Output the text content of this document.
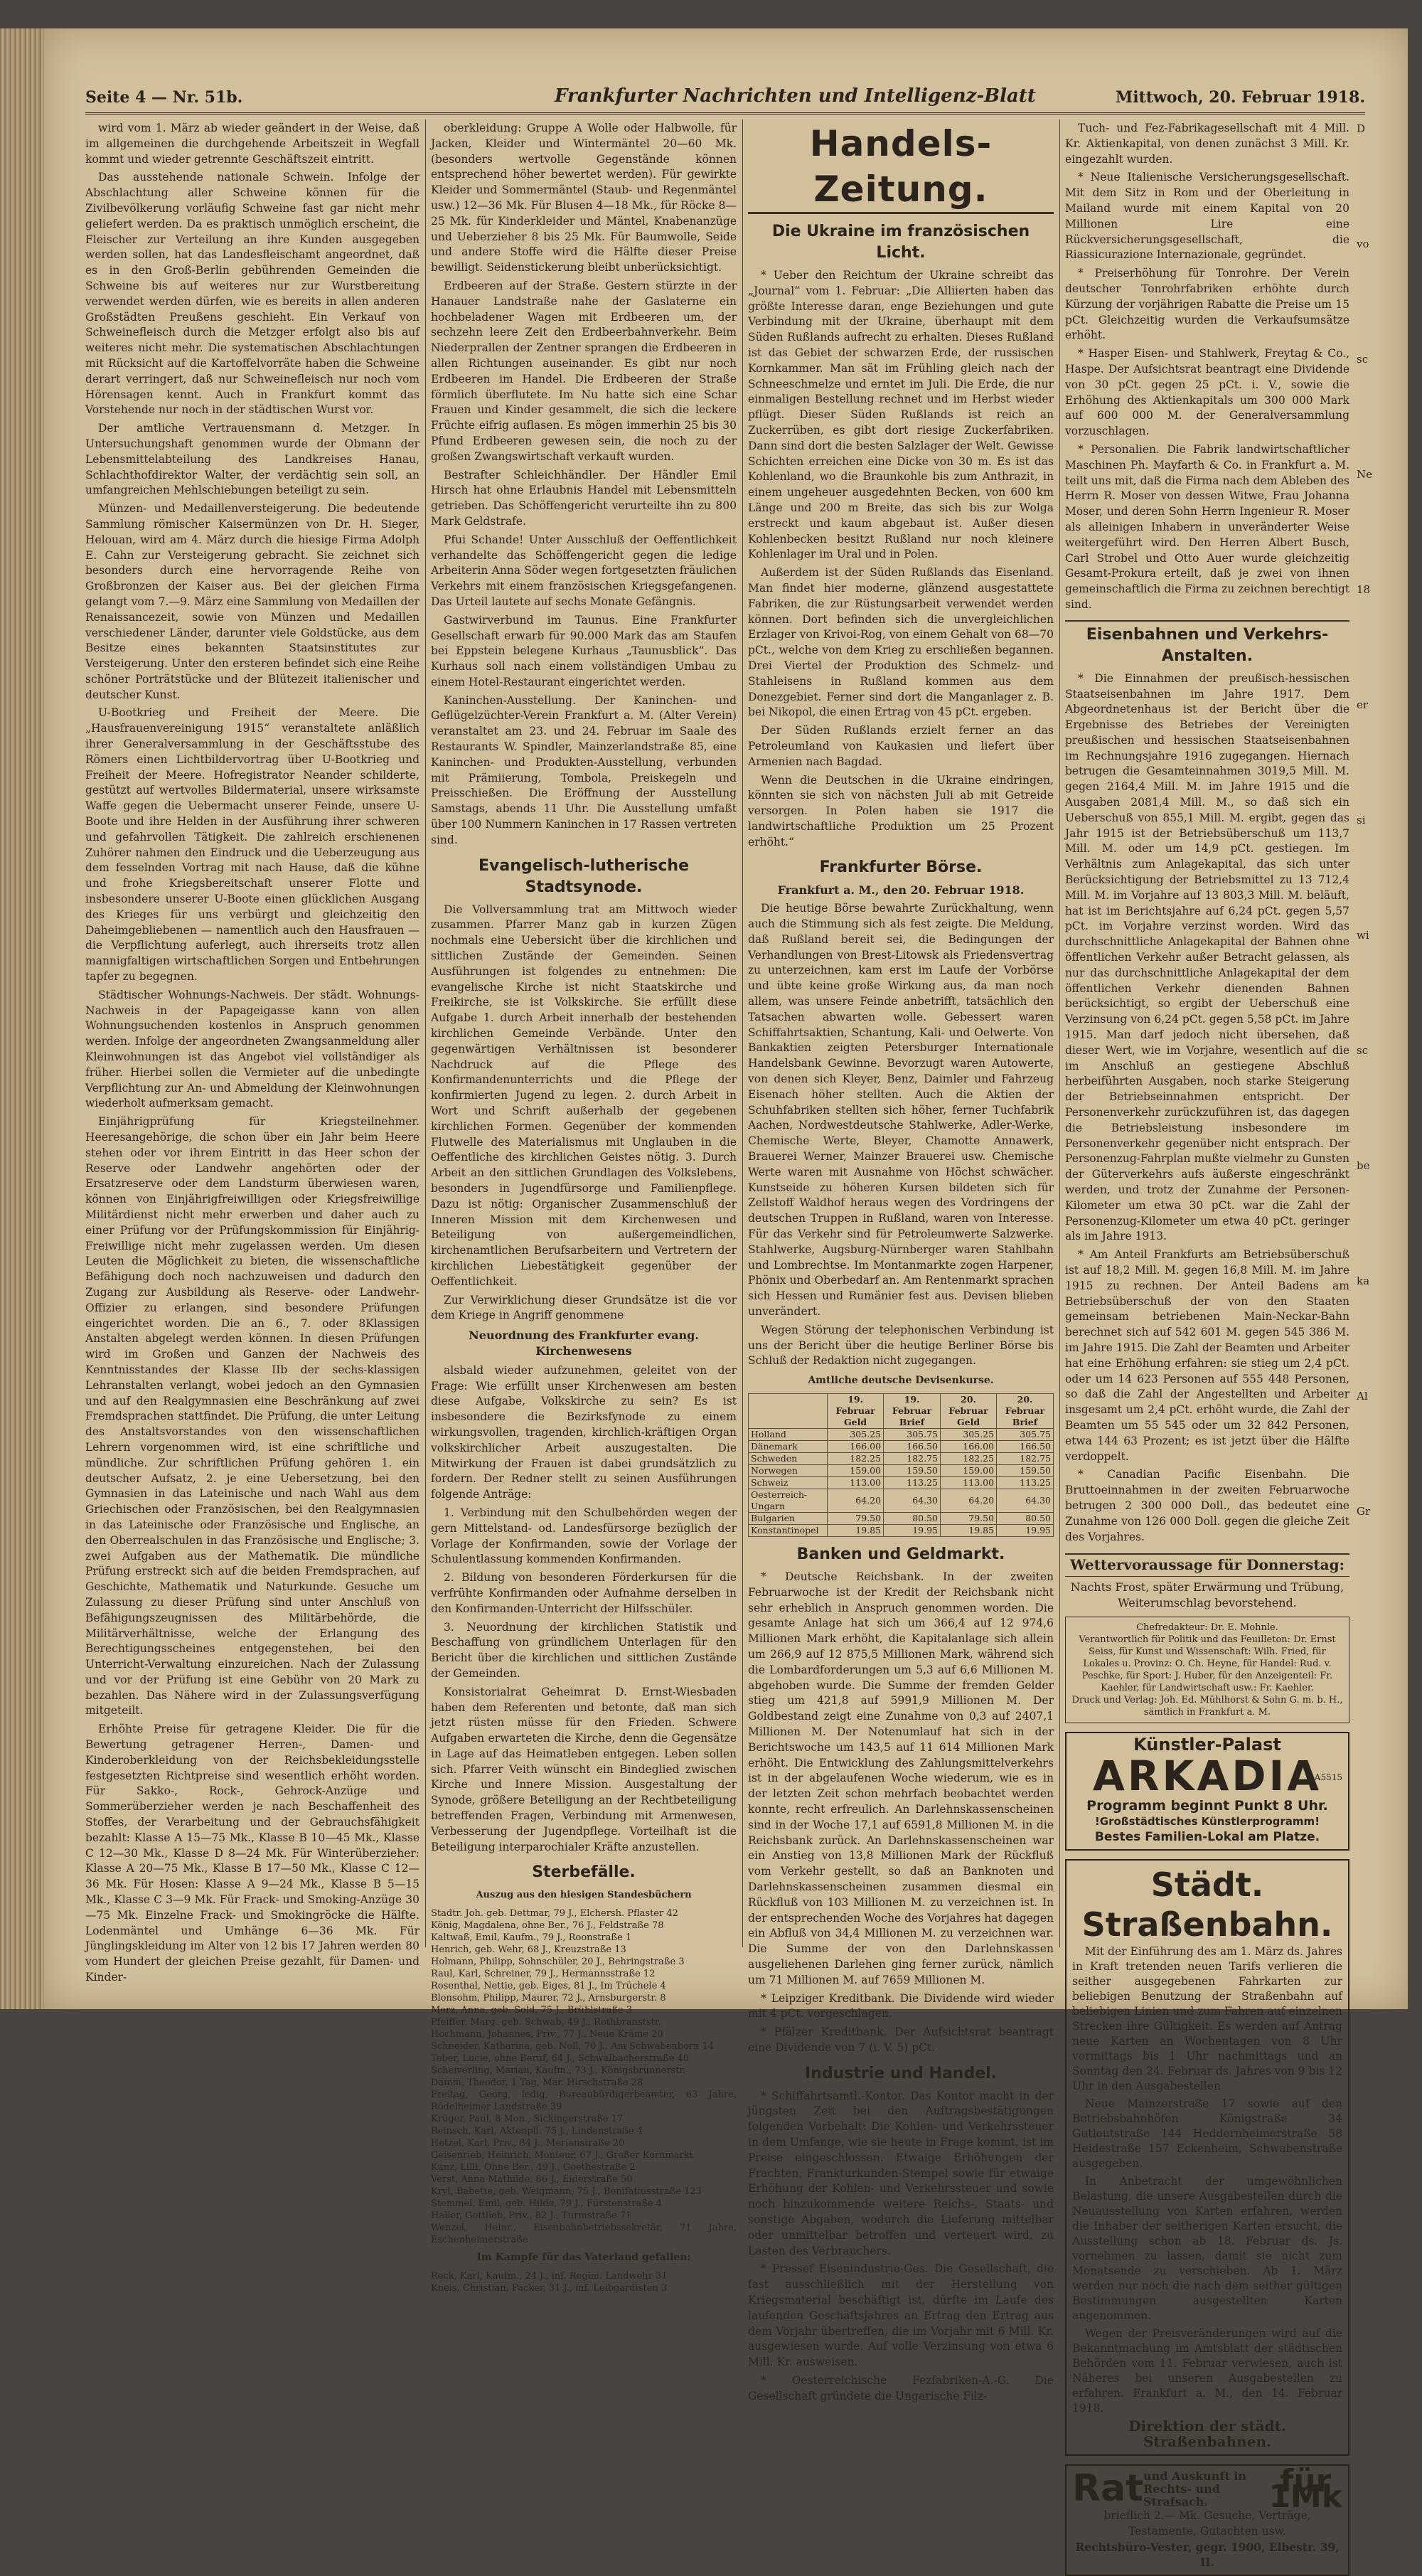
Seite 4 — Nr. 51b.	Frankfurter Nachrichten und Intelligenz-Blatt	Mittwoch, 20. Februar 1918.

wird vom 1. März ab wieder geändert in der Weise, daß im allgemeinen die durchgehende Arbeitszeit in Wegfall kommt und wieder getrennte Geschäftszeit eintritt.

Das ausstehende nationale Schwein. Infolge der Abschlachtung aller Schweine können für die Zivilbevölkerung vorläufig Schweine fast gar nicht mehr geliefert werden. Da es praktisch unmöglich erscheint, die Fleischer zur Verteilung an ihre Kunden ausgegeben werden sollen, hat das Landesfleischamt angeordnet, daß es in den Groß-Berlin gebührenden Gemeinden die Schweine bis auf weiteres nur zur Wurstbereitung verwendet werden dürfen, wie es bereits in allen anderen Großstädten Preußens geschieht. Ein Verkauf von Schweinefleisch durch die Metzger erfolgt also bis auf weiteres nicht mehr. Die systematischen Abschlachtungen mit Rücksicht auf die Kartoffelvorräte haben die Schweine derart verringert, daß nur Schweinefleisch nur noch vom Hörensagen kennt. Auch in Frankfurt kommt das Vorstehende nur noch in der städtischen Wurst vor.

Der amtliche Vertrauensmann d. Metzger. In Untersuchungshaft genommen wurde der Obmann der Lebensmittelabteilung des Landkreises Hanau, Schlachthofdirektor Walter, der verdächtig sein soll, an umfangreichen Mehlschiebungen beteiligt zu sein.

Münzen- und Medaillenversteigerung. Die bedeutende Sammlung römischer Kaisermünzen von Dr. H. Sieger, Helouan, wird am 4. März durch die hiesige Firma Adolph E. Cahn zur Versteigerung gebracht. Sie zeichnet sich besonders durch eine hervorragende Reihe von Großbronzen der Kaiser aus. Bei der gleichen Firma gelangt vom 7.—9. März eine Sammlung von Medaillen der Renaissancezeit, sowie von Münzen und Medaillen verschiedener Länder, darunter viele Goldstücke, aus dem Besitze eines bekannten Staatsinstitutes zur Versteigerung. Unter den ersteren befindet sich eine Reihe schöner Porträtstücke und der Blütezeit italienischer und deutscher Kunst.

U-Bootkrieg und Freiheit der Meere. Die „Hausfrauenvereinigung 1915“ veranstaltete anläßlich ihrer Generalversammlung in der Geschäftsstube des Römers einen Lichtbildervortrag über U-Bootkrieg und Freiheit der Meere. Hofregistrator Neander schilderte, gestützt auf wertvolles Bildermaterial, unsere wirksamste Waffe gegen die Uebermacht unserer Feinde, unsere U-Boote und ihre Helden in der Ausführung ihrer schweren und gefahrvollen Tätigkeit. Die zahlreich erschienenen Zuhörer nahmen den Eindruck und die Ueberzeugung aus dem fesselnden Vortrag mit nach Hause, daß die kühne und frohe Kriegsbereitschaft unserer Flotte und insbesondere unserer U-Boote einen glücklichen Ausgang des Krieges für uns verbürgt und gleichzeitig den Daheimgebliebenen — namentlich auch den Hausfrauen — die Verpflichtung auferlegt, auch ihrerseits trotz allen mannigfaltigen wirtschaftlichen Sorgen und Entbehrungen tapfer zu begegnen.

Städtischer Wohnungs-Nachweis. Der städt. Wohnungs-Nachweis in der Papageigasse kann von allen Wohnungsuchenden kostenlos in Anspruch genommen werden. Infolge der angeordneten Zwangsanmeldung aller Kleinwohnungen ist das Angebot viel vollständiger als früher. Hierbei sollen die Vermieter auf die unbedingte Verpflichtung zur An- und Abmeldung der Kleinwohnungen wiederholt aufmerksam gemacht.

Einjährigprüfung für Kriegsteilnehmer. Heeresangehörige, die schon über ein Jahr beim Heere stehen oder vor ihrem Eintritt in das Heer schon der Reserve oder Landwehr angehörten oder der Ersatzreserve oder dem Landsturm überwiesen waren, können von Einjährigfreiwilligen oder Kriegsfreiwillige Militärdienst nicht mehr erwerben und daher auch zu einer Prüfung vor der Prüfungskommission für Einjährig-Freiwillige nicht mehr zugelassen werden. Um diesen Leuten die Möglichkeit zu bieten, die wissenschaftliche Befähigung doch noch nachzuweisen und dadurch den Zugang zur Ausbildung als Reserve- oder Landwehr-Offizier zu erlangen, sind besondere Prüfungen eingerichtet worden. Die an 6., 7. oder 8Klassigen Anstalten abgelegt werden können. In diesen Prüfungen wird im Großen und Ganzen der Nachweis des Kenntnisstandes der Klasse IIb der sechs-klassigen Lehranstalten verlangt, wobei jedoch an den Gymnasien und auf den Realgymnasien eine Beschränkung auf zwei Fremdsprachen stattfindet. Die Prüfung, die unter Leitung des Anstaltsvorstandes von den wissenschaftlichen Lehrern vorgenommen wird, ist eine schriftliche und mündliche. Zur schriftlichen Prüfung gehören 1. ein deutscher Aufsatz, 2. je eine Uebersetzung, bei den Gymnasien in das Lateinische und nach Wahl aus dem Griechischen oder Französischen, bei den Realgymnasien in das Lateinische oder Französische und Englische, an den Oberrealschulen in das Französische und Englische; 3. zwei Aufgaben aus der Mathematik. Die mündliche Prüfung erstreckt sich auf die beiden Fremdsprachen, auf Geschichte, Mathematik und Naturkunde. Gesuche um Zulassung zu dieser Prüfung sind unter Anschluß von Befähigungszeugnissen des Militärbehörde, die Militärverhältnisse, welche der Erlangung des Berechtigungsscheines entgegenstehen, bei den Unterricht-Verwaltung einzureichen. Nach der Zulassung und vor der Prüfung ist eine Gebühr von 20 Mark zu bezahlen. Das Nähere wird in der Zulassungsverfügung mitgeteilt.

Erhöhte Preise für getragene Kleider. Die für die Bewertung getragener Herren-, Damen- und Kinderoberkleidung von der Reichsbekleidungsstelle festgesetzten Richtpreise sind wesentlich erhöht worden. Für Sakko-, Rock-, Gehrock-Anzüge und Sommerüberzieher werden je nach Beschaffenheit des Stoffes, der Verarbeitung und der Gebrauchsfähigkeit bezahlt: Klasse A 15—75 Mk., Klasse B 10—45 Mk., Klasse C 12—30 Mk., Klasse D 8—24 Mk. Für Winterüberzieher: Klasse A 20—75 Mk., Klasse B 17—50 Mk., Klasse C 12—36 Mk. Für Hosen: Klasse A 9—24 Mk., Klasse B 5—15 Mk., Klasse C 3—9 Mk. Für Frack- und Smoking-Anzüge 30—75 Mk. Einzelne Frack- und Smokingröcke die Hälfte. Lodenmäntel und Umhänge 6—36 Mk. Für Jünglingskleidung im Alter von 12 bis 17 Jahren werden 80 vom Hundert der gleichen Preise gezahlt, für Damen- und Kinder-

oberkleidung: Gruppe A Wolle oder Halbwolle, für Jacken, Kleider und Wintermäntel 20—60 Mk. (besonders wertvolle Gegenstände können entsprechend höher bewertet werden). Für gewirkte Kleider und Sommermäntel (Staub- und Regenmäntel usw.) 12—36 Mk. Für Blusen 4—18 Mk., für Röcke 8—25 Mk. für Kinderkleider und Mäntel, Knabenanzüge und Ueberzieher 8 bis 25 Mk. Für Baumwolle, Seide und andere Stoffe wird die Hälfte dieser Preise bewilligt. Seidenstickerung bleibt unberücksichtigt.

Erdbeeren auf der Straße. Gestern stürzte in der Hanauer Landstraße nahe der Gaslaterne ein hochbeladener Wagen mit Erdbeeren um, der sechzehn leere Zeit den Erdbeerbahnverkehr. Beim Niederprallen der Zentner sprangen die Erdbeeren in allen Richtungen auseinander. Es gibt nur noch Erdbeeren im Handel. Die Erdbeeren der Straße förmlich überflutete. Im Nu hatte sich eine Schar Frauen und Kinder gesammelt, die sich die leckere Früchte eifrig auflasen. Es mögen immerhin 25 bis 30 Pfund Erdbeeren gewesen sein, die noch zu der großen Zwangswirtschaft verkauft wurden.

Bestrafter Schleichhändler. Der Händler Emil Hirsch hat ohne Erlaubnis Handel mit Lebensmitteln getrieben. Das Schöffengericht verurteilte ihn zu 800 Mark Geldstrafe.

Pfui Schande! Unter Ausschluß der Oeffentlichkeit verhandelte das Schöffengericht gegen die ledige Arbeiterin Anna Söder wegen fortgesetzten fräulichen Verkehrs mit einem französischen Kriegsgefangenen. Das Urteil lautete auf sechs Monate Gefängnis.

Gastwirverbund im Taunus. Eine Frankfurter Gesellschaft erwarb für 90.000 Mark das am Staufen bei Eppstein belegene Kurhaus „Taunusblick“. Das Kurhaus soll nach einem vollständigen Umbau zu einem Hotel-Restaurant eingerichtet werden.

Kaninchen-Ausstellung. Der Kaninchen- und Geflügelzüchter-Verein Frankfurt a. M. (Alter Verein) veranstaltet am 23. und 24. Februar im Saale des Restaurants W. Spindler, Mainzerlandstraße 85, eine Kaninchen- und Produkten-Ausstellung, verbunden mit Prämiierung, Tombola, Preiskegeln und Preisschießen. Die Eröffnung der Ausstellung Samstags, abends 11 Uhr. Die Ausstellung umfaßt über 100 Nummern Kaninchen in 17 Rassen vertreten sind.

Evangelisch-lutherische Stadtsynode.

Die Vollversammlung trat am Mittwoch wieder zusammen. Pfarrer Manz gab in kurzen Zügen nochmals eine Uebersicht über die kirchlichen und sittlichen Zustände der Gemeinden. Seinen Ausführungen ist folgendes zu entnehmen: Die evangelische Kirche ist nicht Staatskirche und Freikirche, sie ist Volkskirche. Sie erfüllt diese Aufgabe 1. durch Arbeit innerhalb der bestehenden kirchlichen Gemeinde Verbände. Unter den gegenwärtigen Verhältnissen ist besonderer Nachdruck auf die Pflege des Konfirmandenunterrichts und die Pflege der konfirmierten Jugend zu legen. 2. durch Arbeit in Wort und Schrift außerhalb der gegebenen kirchlichen Formen. Gegenüber der kommenden Flutwelle des Materialismus mit Unglauben in die Oeffentliche des kirchlichen Geistes nötig. 3. Durch Arbeit an den sittlichen Grundlagen des Volkslebens, besonders in Jugendfürsorge und Familienpflege. Dazu ist nötig: Organischer Zusammenschluß der Inneren Mission mit dem Kirchenwesen und Beteiligung von außergemeindlichen, kirchenamtlichen Berufsarbeitern und Vertretern der kirchlichen Liebestätigkeit gegenüber der Oeffentlichkeit.

Zur Verwirklichung dieser Grundsätze ist die vor dem Kriege in Angriff genommene

Neuordnung des Frankfurter evang. Kirchenwesens

alsbald wieder aufzunehmen, geleitet von der Frage: Wie erfüllt unser Kirchenwesen am besten diese Aufgabe, Volkskirche zu sein? Es ist insbesondere die Bezirksfynode zu einem wirkungsvollen, tragenden, kirchlich-kräftigen Organ volkskirchlicher Arbeit auszugestalten. Die Mitwirkung der Frauen ist dabei grundsätzlich zu fordern. Der Redner stellt zu seinen Ausführungen folgende Anträge:

1. Verbindung mit den Schulbehörden wegen der gern Mittelstand- od. Landesfürsorge bezüglich der Vorlage der Konfirmanden, sowie der Vorlage der Schulentlassung kommenden Konfirmanden.

2. Bildung von besonderen Förderkursen für die verfrühte Konfirmanden oder Aufnahme derselben in den Konfirmanden-Unterricht der Hilfsschüler.

3. Neuordnung der kirchlichen Statistik und Beschaffung von gründlichem Unterlagen für den Bericht über die kirchlichen und sittlichen Zustände der Gemeinden.

Konsistorialrat Geheimrat D. Ernst-Wiesbaden haben dem Referenten und betonte, daß man sich jetzt rüsten müsse für den Frieden. Schwere Aufgaben erwarteten die Kirche, denn die Gegensätze in Lage auf das Heimatleben entgegen. Leben sollen sich. Pfarrer Veith wünscht ein Bindeglied zwischen Kirche und Innere Mission. Ausgestaltung der Synode, größere Beteiligung an der Rechtbeteiligung betreffenden Fragen, Verbindung mit Armenwesen, Verbesserung der Jugendpflege. Vorteilhaft ist die Beteiligung interparochialer Kräfte anzustellen.

Sterbefälle.
Auszug aus den hiesigen Standesbüchern
Stadtr. Joh. geb. Dettmar, 79 J., Elchersh. Pflaster 42
König, Magdalena, ohne Ber., 76 J., Feldstraße 78
Kaltwaß, Emil, Kaufm., 79 J., Roonstraße 1
Henrich, geb. Wehr, 68 J., Kreuzstraße 13
Holmann, Philipp, Sohnschüler, 20 J., Behringstraße 3
Raul, Karl, Schreiner, 79 J., Hermannsstraße 12
Rosenthal, Nettie, geb. Eiges, 81 J., Im Trüchele 4
Blonsohm, Philipp, Maurer, 72 J., Arnsburgerstr. 8
Merz, Anna, geb. Sold, 75 J., Brühlstraße 3
Pfeiffer, Marg. geb. Schwab, 49 J., Rothbranststr.
Hochmann, Johannes, Priv., 77 J., Neue Kräme 20
Schneider, Katharina, geb. Noll, 70 J., Am Schwabenborn 14
Teber, Lucie, ohne Beruf, 64 J., Schwalbacherstraße 40
Scheiverling, Marian, Kaufm., 73 J., Königsbrunnerstr.
Damm, Theodor, 1 Tag, Mar. Hirschstraße 28
Freitag, Georg, ledig, Bureaubürdigerbeamter, 63 Jahre, Rödelheimer Landstraße 39
Krüger, Paul, 8 Mon., Sickingerstraße 17
Reinsch, Karl, Aktenpfl. 75 J., Lindenstraße 4
Hetzel, Karl, Priv., 84 J., Merianstraße 20
Geisenrieb, Heinrich, Monteur, 67 J., Großer Kornmarkt
Kunz, Lilli, Ohne Ber., 49 J., Goethestraße 2
Verst, Anna Mathilde, 86 J., Eiderstraße 50
Kryl, Babette, geb. Weigmann, 75 J., Bonifatiusstraße 123
Stemmel, Emil, geb. Hilde, 79 J., Fürstenstraße 4
Haller, Gottlieb, Priv., 82 J., Turmstraße 71
Wenzel, Heinr., Eisenbahnbetriebssekretär, 71 Jahre, Eschenheimerstraße
Im Kampfe für das Vaterland gefallen:
Reck, Karl, Kaufm., 24 J., inf. Regim. Landwehr 31
Kneis, Christian, Packer, 31 J., inf. Leibgardisten 3
Handels-Zeitung.
Die Ukraine im französischen Licht.

* Ueber den Reichtum der Ukraine schreibt das „Journal“ vom 1. Februar: „Die Alliierten haben das größte Interesse daran, enge Beziehungen und gute Verbindung mit der Ukraine, überhaupt mit dem Süden Rußlands aufrecht zu erhalten. Dieses Rußland ist das Gebiet der schwarzen Erde, der russischen Kornkammer. Man sät im Frühling gleich nach der Schneeschmelze und erntet im Juli. Die Erde, die nur einmaligen Bestellung rechnet und im Herbst wieder pflügt. Dieser Süden Rußlands ist reich an Zuckerrüben, es gibt dort riesige Zuckerfabriken. Dann sind dort die besten Salzlager der Welt. Gewisse Schichten erreichen eine Dicke von 30 m. Es ist das Kohlenland, wo die Braunkohle bis zum Anthrazit, in einem ungeheuer ausgedehnten Becken, von 600 km Länge und 200 m Breite, das sich bis zur Wolga erstreckt und kaum abgebaut ist. Außer diesen Kohlenbecken besitzt Rußland nur noch kleinere Kohlenlager im Ural und in Polen.

Außerdem ist der Süden Rußlands das Eisenland. Man findet hier moderne, glänzend ausgestattete Fabriken, die zur Rüstungsarbeit verwendet werden können. Dort befinden sich die unvergleichlichen Erzlager von Krivoi-Rog, von einem Gehalt von 68—70 pCt., welche von dem Krieg zu erschließen begannen. Drei Viertel der Produktion des Schmelz- und Stahleisens in Rußland kommen aus dem Donezgebiet. Ferner sind dort die Manganlager z. B. bei Nikopol, die einen Ertrag von 45 pCt. ergeben.

Der Süden Rußlands erzielt ferner an das Petroleumland von Kaukasien und liefert über Armenien nach Bagdad.

Wenn die Deutschen in die Ukraine eindringen, könnten sie sich von nächsten Juli ab mit Getreide versorgen. In Polen haben sie 1917 die landwirtschaftliche Produktion um 25 Prozent erhöht.“

Frankfurter Börse.
Frankfurt a. M., den 20. Februar 1918.

Die heutige Börse bewahrte Zurückhaltung, wenn auch die Stimmung sich als fest zeigte. Die Meldung, daß Rußland bereit sei, die Bedingungen der Verhandlungen von Brest-Litowsk als Friedensvertrag zu unterzeichnen, kam erst im Laufe der Vorbörse und übte keine große Wirkung aus, da man noch allem, was unsere Feinde anbetrifft, tatsächlich den Tatsachen abwarten wolle. Gebessert waren Schiffahrtsaktien, Schantung, Kali- und Oelwerte. Von Bankaktien zeigten Petersburger Internationale Handelsbank Gewinne. Bevorzugt waren Autowerte, von denen sich Kleyer, Benz, Daimler und Fahrzeug Eisenach höher stellten. Auch die Aktien der Schuhfabriken stellten sich höher, ferner Tuchfabrik Aachen, Nordwestdeutsche Stahlwerke, Adler-Werke, Chemische Werte, Bleyer, Chamotte Annawerk, Brauerei Werner, Mainzer Brauerei usw. Chemische Werte waren mit Ausnahme von Höchst schwächer. Kunstseide zu höheren Kursen bildeten sich für Zellstoff Waldhof heraus wegen des Vordringens der deutschen Truppen in Rußland, waren von Interesse. Für das Verkehr sind für Petroleumwerte Salzwerke. Stahlwerke, Augsburg-Nürnberger waren Stahlbahn und Lombrechtse. Im Montanmarkte zogen Harpener, Phönix und Oberbedarf an. Am Rentenmarkt sprachen sich Hessen und Rumänier fest aus. Devisen blieben unverändert.

Wegen Störung der telephonischen Verbindung ist uns der Bericht über die heutige Berliner Börse bis Schluß der Redaktion nicht zugegangen.

Amtliche deutsche Devisenkurse.
	19. Februar Geld	19. Februar Brief	20. Februar Geld	20. Februar Brief
Holland	305.25	305.75	305.25	305.75
Dänemark	166.00	166.50	166.00	166.50
Schweden	182.25	182.75	182.25	182.75
Norwegen	159.00	159.50	159.00	159.50
Schweiz	113.00	113.25	113.00	113.25
Oesterreich-Ungarn	64.20	64.30	64.20	64.30
Bulgarien	79.50	80.50	79.50	80.50
Konstantinopel	19.85	19.95	19.85	19.95
Banken und Geldmarkt.

* Deutsche Reichsbank. In der zweiten Februarwoche ist der Kredit der Reichsbank nicht sehr erheblich in Anspruch genommen worden. Die gesamte Anlage hat sich um 366,4 auf 12 974,6 Millionen Mark erhöht, die Kapitalanlage sich allein um 266,9 auf 12 875,5 Millionen Mark, während sich die Lombardforderungen um 5,3 auf 6,6 Millionen M. abgehoben wurde. Die Summe der fremden Gelder stieg um 421,8 auf 5991,9 Millionen M. Der Goldbestand zeigt eine Zunahme von 0,3 auf 2407,1 Millionen M. Der Notenumlauf hat sich in der Berichtswoche um 143,5 auf 11 614 Millionen Mark erhöht. Die Entwicklung des Zahlungsmittelverkehrs ist in der abgelaufenen Woche wiederum, wie es in der letzten Zeit schon mehrfach beobachtet werden konnte, recht erfreulich. An Darlehnskassenscheinen sind in der Woche 17,1 auf 6591,8 Millionen M. in die Reichsbank zurück. An Darlehnskassenscheinen war ein Anstieg von 13,8 Millionen Mark der Rückfluß vom Verkehr gestellt, so daß an Banknoten und Darlehnskassenscheinen zusammen diesmal ein Rückfluß von 103 Millionen M. zu verzeichnen ist. In der entsprechenden Woche des Vorjahres hat dagegen ein Abfluß von 34,4 Millionen M. zu verzeichnen war. Die Summe der von den Darlehnskassen ausgeliehenen Darlehen ging ferner zurück, nämlich um 71 Millionen M. auf 7659 Millionen M.

* Leipziger Kreditbank. Die Dividende wird wieder mit 4 pCt. vorgeschlagen.

* Pfälzer Kreditbank. Der Aufsichtsrat beantragt eine Dividende von 7 (i. V. 5) pCt.

Industrie und Handel.

* Schiffahrtsamtl.-Kontor. Das Kontor macht in der jüngsten Zeit bei den Auftragsbestätigungen folgenden Vorbehalt: Die Kohlen- und Verkehrssteuer in dem Umfange, wie sie heute in Frage kommt, ist im Preise eingeschlossen. Etwaige Erhöhungen der Frachten, Frankturkunden-Stempel sowie für etwaige Erhöhung der Kohlen- und Verkehrssteuer und sowie noch hinzukommende weitere Reichs-, Staats- und sonstige Abgaben, wodurch die Lieferung mittelbar oder unmittelbar betroffen und verteuert wird, zu Lasten des Verbrauchers.

* Pressef Eisenindustrie-Ges. Die Gesellschaft, die fast ausschließlich mit der Herstellung von Kriegsmaterial beschäftigt ist, dürfte im Laufe des laufenden Geschäftsjahres an Ertrag den Ertrag aus dem Vorjahr übertreffen, die im Vorjahr mit 6 Mill. Kr. ausgewiesen wurde. Auf volle Verzinsung von etwa 6 Mill. Kr. ausweisen.

* Oesterreichische Fezfabriken-A.-G. Die Gesellschaft gründete die Ungarische Filz-

Tuch- und Fez-Fabrikagesellschaft mit 4 Mill. Kr. Aktienkapital, von denen zunächst 3 Mill. Kr. eingezahlt wurden.

* Neue Italienische Versicherungsgesellschaft. Mit dem Sitz in Rom und der Oberleitung in Mailand wurde mit einem Kapital von 20 Millionen Lire eine Rückversicherungsgesellschaft, die Riassicurazione Internazionale, gegründet.

* Preiserhöhung für Tonrohre. Der Verein deutscher Tonrohrfabriken erhöhte durch Kürzung der vorjährigen Rabatte die Preise um 15 pCt. Gleichzeitig wurden die Verkaufsumsätze erhöht.

* Hasper Eisen- und Stahlwerk, Freytag & Co., Haspe. Der Aufsichtsrat beantragt eine Dividende von 30 pCt. gegen 25 pCt. i. V., sowie die Erhöhung des Aktienkapitals um 300 000 Mark auf 600 000 M. der Generalversammlung vorzuschlagen.

* Personalien. Die Fabrik landwirtschaftlicher Maschinen Ph. Mayfarth & Co. in Frankfurt a. M. teilt uns mit, daß die Firma nach dem Ableben des Herrn R. Moser von dessen Witwe, Frau Johanna Moser, und deren Sohn Herrn Ingenieur R. Moser als alleinigen Inhabern in unveränderter Weise weitergeführt wird. Den Herren Albert Busch, Carl Strobel und Otto Auer wurde gleichzeitig Gesamt-Prokura erteilt, daß je zwei von ihnen gemeinschaftlich die Firma zu zeichnen berechtigt sind.

Eisenbahnen und Verkehrs-Anstalten.

* Die Einnahmen der preußisch-hessischen Staatseisenbahnen im Jahre 1917. Dem Abgeordnetenhaus ist der Bericht über die Ergebnisse des Betriebes der Vereinigten preußischen und hessischen Staatseisenbahnen im Rechnungsjahre 1916 zugegangen. Hiernach betrugen die Gesamteinnahmen 3019,5 Mill. M. gegen 2164,4 Mill. M. im Jahre 1915 und die Ausgaben 2081,4 Mill. M., so daß sich ein Ueberschuß von 855,1 Mill. M. ergibt, gegen das Jahr 1915 ist der Betriebsüberschuß um 113,7 Mill. M. oder um 14,9 pCt. gestiegen. Im Verhältnis zum Anlagekapital, das sich unter Berücksichtigung der Betriebsmittel zu 13 712,4 Mill. M. im Vorjahre auf 13 803,3 Mill. M. beläuft, hat ist im Berichtsjahre auf 6,24 pCt. gegen 5,57 pCt. im Vorjahre verzinst worden. Wird das durchschnittliche Anlagekapital der Bahnen ohne öffentlichen Verkehr außer Betracht gelassen, als nur das durchschnittliche Anlagekapital der dem öffentlichen Verkehr dienenden Bahnen berücksichtigt, so ergibt der Ueberschuß eine Verzinsung von 6,24 pCt. gegen 5,58 pCt. im Jahre 1915. Man darf jedoch nicht übersehen, daß dieser Wert, wie im Vorjahre, wesentlich auf die im Anschluß an gestiegene Abschluß herbeiführten Ausgaben, noch starke Steigerung der Betriebseinnahmen entspricht. Der Personenverkehr zurückzuführen ist, das dagegen die Betriebsleistung insbesondere im Personenverkehr gegenüber nicht entsprach. Der Personenzug-Fahrplan mußte vielmehr zu Gunsten der Güterverkehrs aufs äußerste eingeschränkt werden, und trotz der Zunahme der Personen-Kilometer um etwa 30 pCt. war die Zahl der Personenzug-Kilometer um etwa 40 pCt. geringer als im Jahre 1913.

* Am Anteil Frankfurts am Betriebsüberschuß ist auf 18,2 Mill. M. gegen 16,8 Mill. M. im Jahre 1915 zu rechnen. Der Anteil Badens am Betriebsüberschuß der von den Staaten gemeinsam betriebenen Main-Neckar-Bahn berechnet sich auf 542 601 M. gegen 545 386 M. im Jahre 1915. Die Zahl der Beamten und Arbeiter hat eine Erhöhung erfahren: sie stieg um 2,4 pCt. oder um 14 623 Personen auf 555 448 Personen, so daß die Zahl der Angestellten und Arbeiter insgesamt um 2,4 pCt. erhöht wurde, die Zahl der Beamten um 55 545 oder um 32 842 Personen, etwa 144 63 Prozent; es ist jetzt über die Hälfte verdoppelt.

* Canadian Pacific Eisenbahn. Die Bruttoeinnahmen in der zweiten Februarwoche betrugen 2 300 000 Doll., das bedeutet eine Zunahme von 126 000 Doll. gegen die gleiche Zeit des Vorjahres.

Wettervoraussage für Donnerstag:
Nachts Frost, später Erwärmung und Trübung, Weiterumschlag bevorstehend.
Chefredakteur: Dr. E. Mohnle.
Verantwortlich für Politik und das Feuilleton: Dr. Ernst Seiss, für Kunst und Wissenschaft: Wilh. Fried, für Lokales u. Provinz: O. Ch. Heyne, für Handel: Rud. v. Peschke, für Sport: J. Huber, für den Anzeigenteil: Fr. Kaehler, für Landwirtschaft usw.: Fr. Kaehler.
Druck und Verlag: Joh. Ed. Mühlhorst & Sohn G. m. b. H., sämtlich in Frankfurt a. M.
Künstler-Palast
ARKADIA
A5515
Programm beginnt Punkt 8 Uhr.
!Großstädtisches Künstlerprogramm!
Bestes Familien-Lokal am Platze.
Städt. Straßenbahn.

Mit der Einführung des am 1. März ds. Jahres in Kraft tretenden neuen Tarifs verlieren die seither ausgegebenen Fahrkarten zur beliebigen Benutzung der Straßenbahn auf beliebigen Linien und zum Fahren auf einzelnen Strecken ihre Gültigkeit. Es werden auf Antrag neue Karten an Wochentagen von 8 Uhr vormittags bis 1 Uhr nachmittags und an Sonntag den 24. Februar ds. Jahres von 9 bis 12 Uhr in den Ausgabestellen

Neue Mainzerstraße 17 sowie auf den Betriebsbahnhöfen Königstraße 34 Gutleutstraße 144 Heddernheimerstraße 58 Heidestraße 157 Eckenheim, Schwabenstraße ausgegeben.

In Anbetracht der umgewöhnlichen Belastung, die unsere Ausgabestellen durch die Neuausstellung von Karten erfahren, werden die Inhaber der seitherigen Karten ersucht, die Ausstellung schon ab 18. Februar ds. Js. vornehmen zu lassen, damit sie nicht zum Monatsende zu verschieben. Ab 1. März werden nur noch die nach dem seither gültigen Bestimmungen ausgestellten Karten angenommen.

Wegen der Preisveränderungen wird auf die Bekanntmachung im Amtsblatt der städtischen Behörden vom 11. Februar verwiesen, auch ist Näheres bei unseren Ausgabestellen zu erfahren. Frankfurt a. M., den 14. Februar 1918.

Direktion der städt. Straßenbahnen.
Rat und Auskunft in Rechts- und Strafsach.
für 1Mk
brieflich 2.— Mk. Gesuche, Verträge, Testamente, Gutachten usw.
Rechtsbüro-Vester, gegr. 1900, Elbestr. 39, II.
D
vo
sc
Ne
18
er
si
wi
sc
be
ka
Al
Gr
